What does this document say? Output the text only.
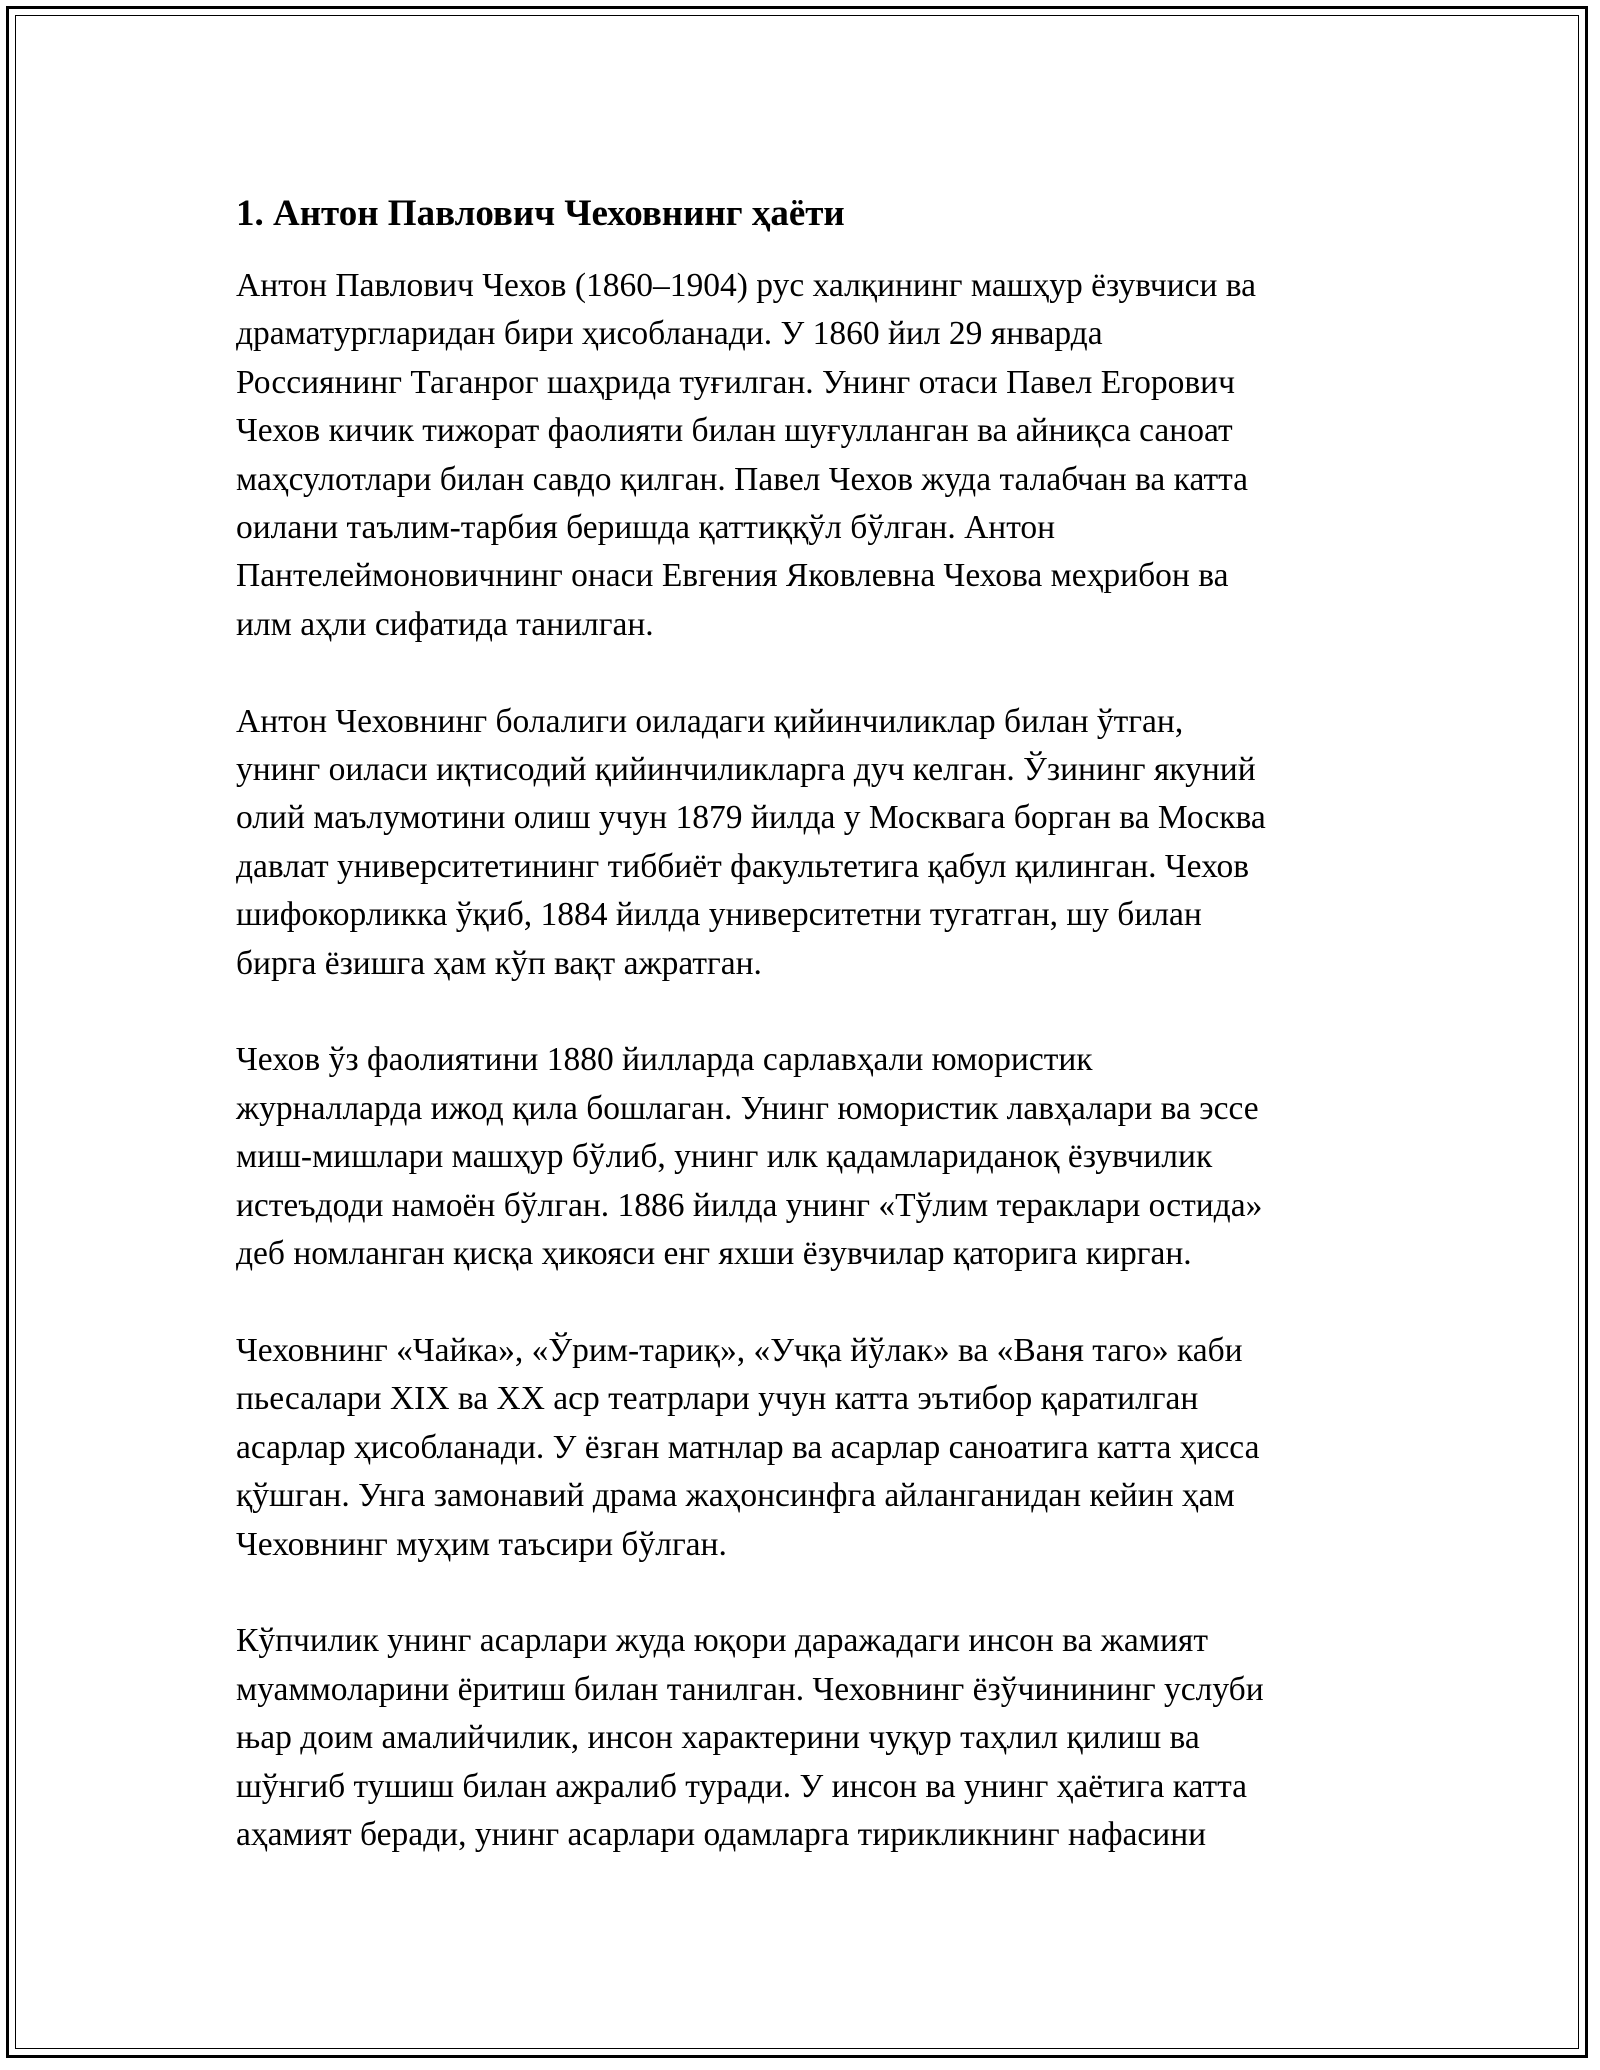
1. Антон Павлович Чеховнинг ҳаёти

Антон Павлович Чехов (1860–1904) рус халқининг машҳур ёзувчиси ва
драматургларидан бири ҳисобланади. У 1860 йил 29 январда
Россиянинг Таганрог шаҳрида туғилган. Унинг отаси Павел Егорович
Чехов кичик тижорат фаолияти билан шуғулланган ва айниқса саноат
маҳсулотлари билан савдо қилган. Павел Чехов жуда талабчан ва катта
оилани таълим-тарбия беришда қаттиққўл бўлган. Антон
Пантелеймоновичнинг онаси Евгения Яковлевна Чехова меҳрибон ва
илм аҳли сифатида танилган.

Антон Чеховнинг болалиги оиладаги қийинчиликлар билан ўтган,
унинг оиласи иқтисодий қийинчиликларга дуч келган. Ўзининг якуний
олий маълумотини олиш учун 1879 йилда у Москвага борган ва Москва
давлат университетининг тиббиёт факультетига қабул қилинган. Чехов
шифокорликка ўқиб, 1884 йилда университетни тугатган, шу билан
бирга ёзишга ҳам кўп вақт ажратган.

Чехов ўз фаолиятини 1880 йилларда сарлавҳали юмористик
журналларда ижод қила бошлаган. Унинг юмористик лавҳалари ва эссе
миш-мишлари машҳур бўлиб, унинг илк қадамлариданоқ ёзувчилик
истеъдоди намоён бўлган. 1886 йилда унинг «Тўлим тераклари остида»
деб номланган қисқа ҳикояси енг яхши ёзувчилар қаторига кирган.

Чеховнинг «Чайка», «Ўрим-тариқ», «Учқа йўлак» ва «Ваня таго» каби
пьесалари XIX ва XX аср театрлари учун катта эътибор қаратилган
асарлар ҳисобланади. У ёзган матнлар ва асарлар саноатига катта ҳисса
қўшган. Унга замонавий драма жаҳонсинфга айланганидан кейин ҳам
Чеховнинг муҳим таъсири бўлган.

Кўпчилик унинг асарлари жуда юқори даражадаги инсон ва жамият
муаммоларини ёритиш билан танилган. Чеховнинг ёзўчинининг услуби
њар доим амалийчилик, инсон характерини чуқур таҳлил қилиш ва
шўнгиб тушиш билан ажралиб туради. У инсон ва унинг ҳаётига катта
аҳамият беради, унинг асарлари одамларга тирикликнинг нафасини
